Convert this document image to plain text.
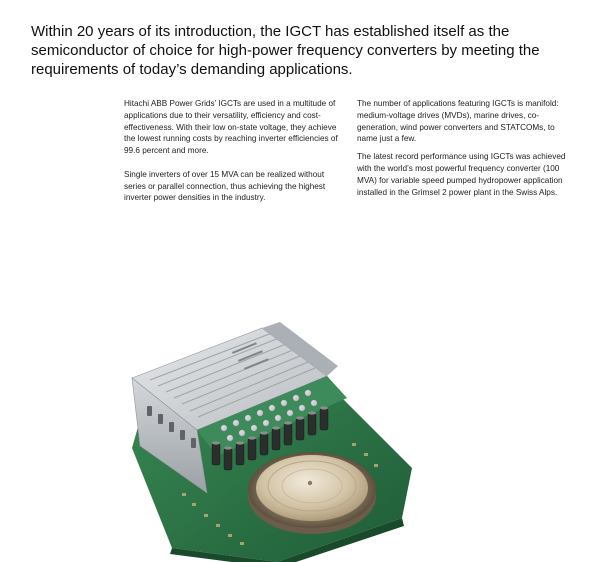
Within 20 years of its introduction, the IGCT has established itself as the semiconductor of choice for high-power frequency converters by meeting the requirements of today’s demanding applications.

Hitachi ABB Power Grids’ IGCTs are used in a multitude of applications due to their versatility, efficiency and cost-effectiveness. With their low on-state voltage, they achieve the lowest running costs by reaching inverter efficiencies of 99.6 percent and more.

Single inverters of over 15 MVA can be realized without series or parallel connection, thus achieving the highest inverter power densities in the industry.

The number of applications featuring IGCTs is manifold: medium-voltage drives (MVDs), marine drives, co-generation, wind power converters and STATCOMs, to name just a few.

The latest record performance using IGCTs was achieved with the world’s most powerful frequency converter (100 MVA) for variable speed pumped hydropower application installed in the Grimsel 2 power plant in the Swiss Alps.
